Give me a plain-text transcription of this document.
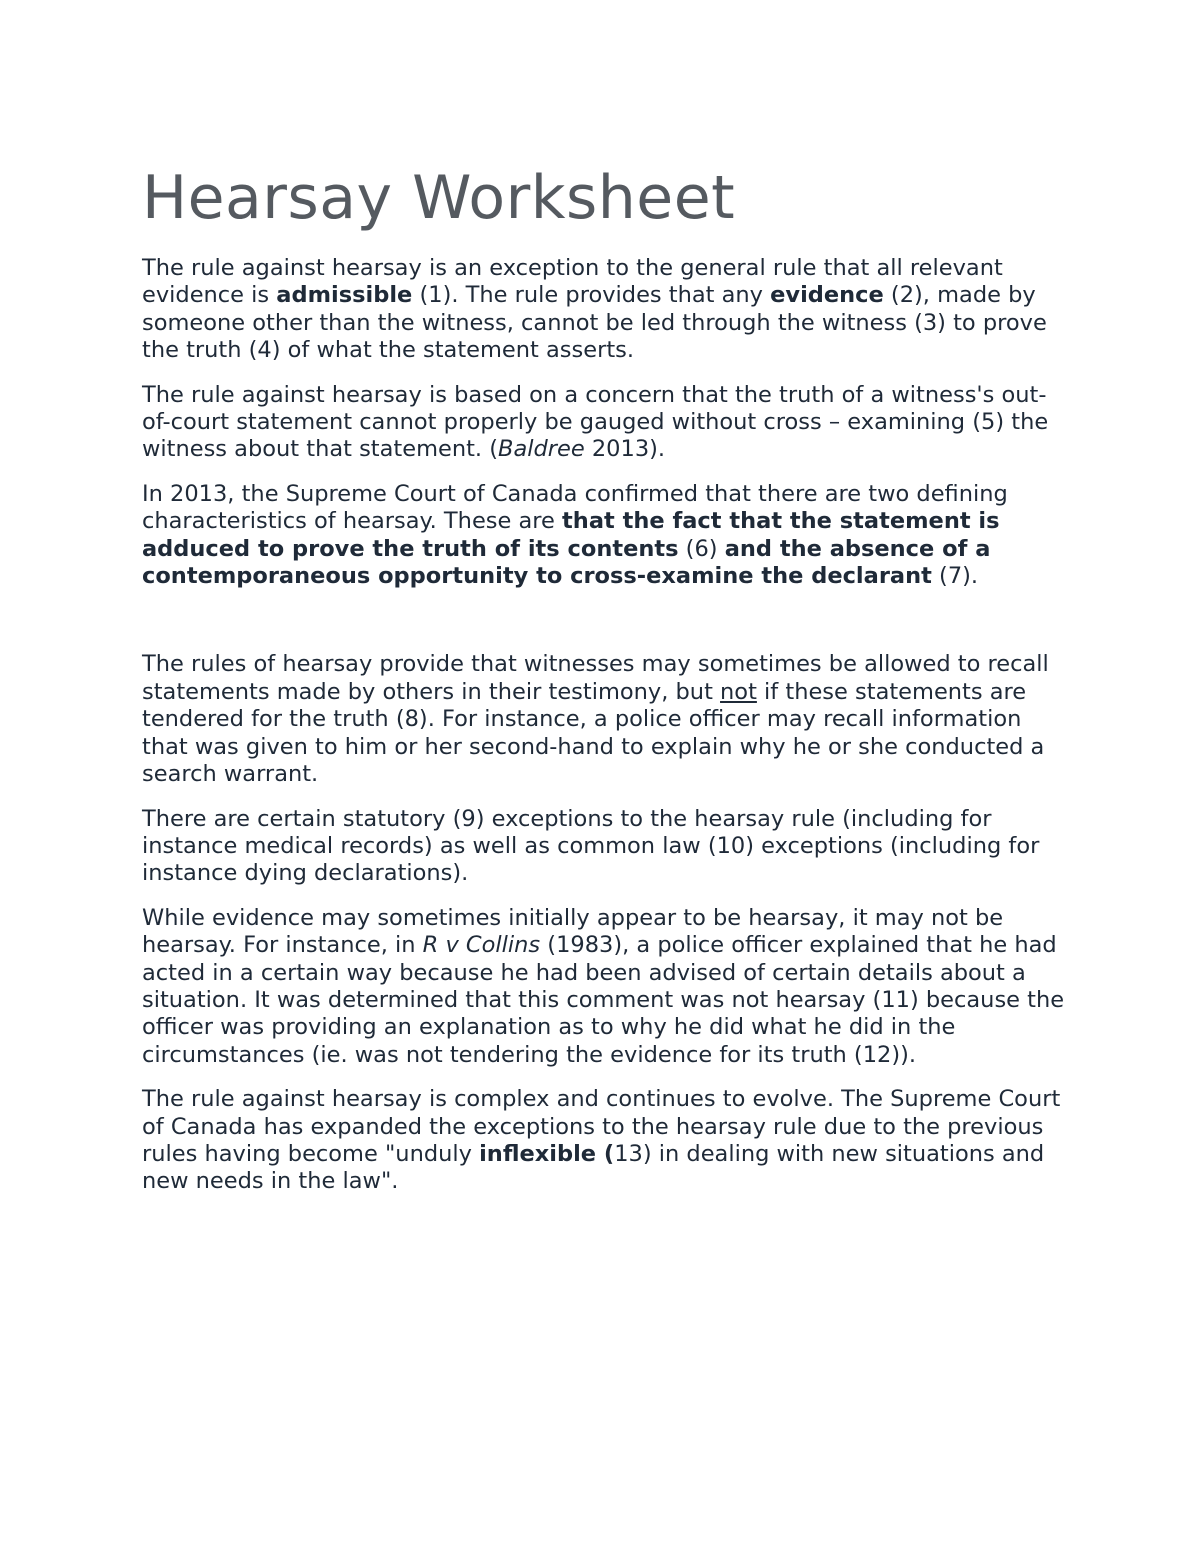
Hearsay Worksheet

The rule against hearsay is an exception to the general rule that all relevant evidence is admissible (1). The rule provides that any evidence (2), made by someone other than the witness, cannot be led through the witness (3) to prove the truth (4) of what the statement asserts.

The rule against hearsay is based on a concern that the truth of a witness's out-of-court statement cannot properly be gauged without cross – examining (5) the witness about that statement. (Baldree 2013).

In 2013, the Supreme Court of Canada confirmed that there are two defining characteristics of hearsay. These are that the fact that the statement is adduced to prove the truth of its contents (6) and the absence of a contemporaneous opportunity to cross-examine the declarant (7).

The rules of hearsay provide that witnesses may sometimes be allowed to recall statements made by others in their testimony, but not if these statements are tendered for the truth (8). For instance, a police officer may recall information that was given to him or her second-hand to explain why he or she conducted a search warrant.

There are certain statutory (9) exceptions to the hearsay rule (including for instance medical records) as well as common law (10) exceptions (including for instance dying declarations).

While evidence may sometimes initially appear to be hearsay, it may not be hearsay. For instance, in R v Collins (1983), a police officer explained that he had acted in a certain way because he had been advised of certain details about a situation. It was determined that this comment was not hearsay (11) because the officer was providing an explanation as to why he did what he did in the circumstances (ie. was not tendering the evidence for its truth (12)).

The rule against hearsay is complex and continues to evolve. The Supreme Court of Canada has expanded the exceptions to the hearsay rule due to the previous rules having become "unduly inflexible (13) in dealing with new situations and new needs in the law".
